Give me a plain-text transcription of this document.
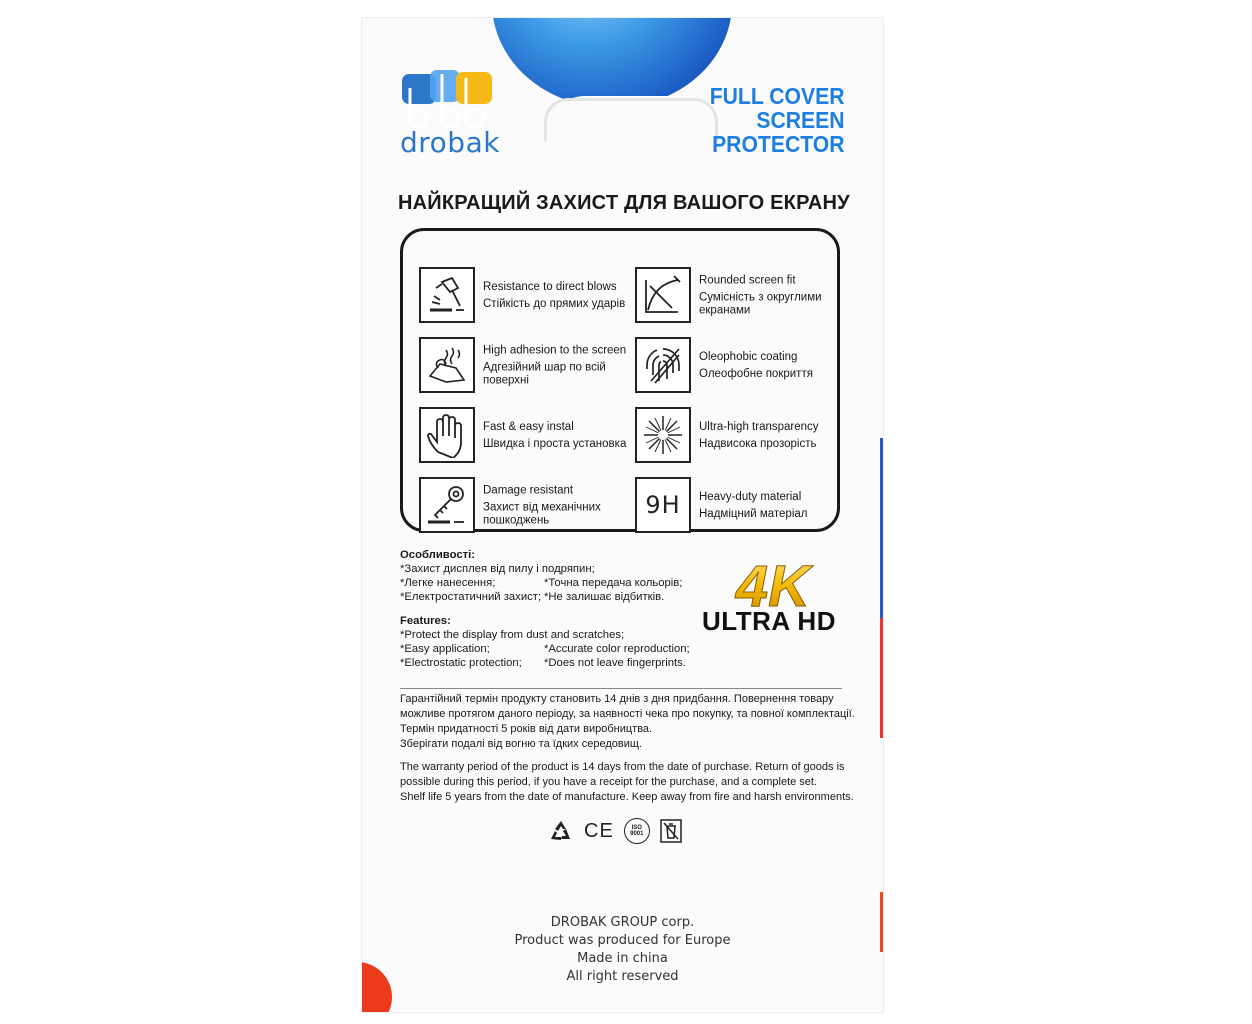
drobak
FULL COVER
SCREEN
PROTECTOR
НАЙКРАЩИЙ ЗАХИСТ ДЛЯ ВАШОГО ЕКРАНУ
Resistance to direct blows
Стійкість до прямих ударів
High adhesion to the screen
Адгезійний шар по всій поверхні
Fast & easy instal
Швидка і проста установка
Damage resistant
Захист від механічних пошкоджень
Rounded screen fit
Сумісність з округлими екранами
Oleophobic coating
Олеофобне покриття
Ultra-high transparency
Надвисока прозорість
9H Heavy-duty material
Надміцний матеріал
Особливості:
*Захист дисплея від пилу і подряпин;
*Легке нанесення;	*Точна передача кольорів;
*Електростатичний захист; *Не залишає відбитків.
Features:
*Protect the display from dust and scratches;
*Easy application;	*Accurate color reproduction;
*Electrostatic protection;	*Does not leave fingerprints.
4K
ULTRA HD
Гарантійний термін продукту становить 14 днів з дня придбання. Повернення товару
можливе протягом даного періоду, за наявності чека про покупку, та повної комплектації.
Термін придатності 5 років від дати виробництва.
Зберігати подалі від вогню та їдких середовищ.
The warranty period of the product is 14 days from the date of purchase. Return of goods is
possible during this period, if you have a receipt for the purchase, and a complete set.
Shelf life 5 years from the date of manufacture. Keep away from fire and harsh environments.
CE	ISO 9001
DROBAK GROUP corp.
Product was produced for Europe
Made in china
All right reserved
